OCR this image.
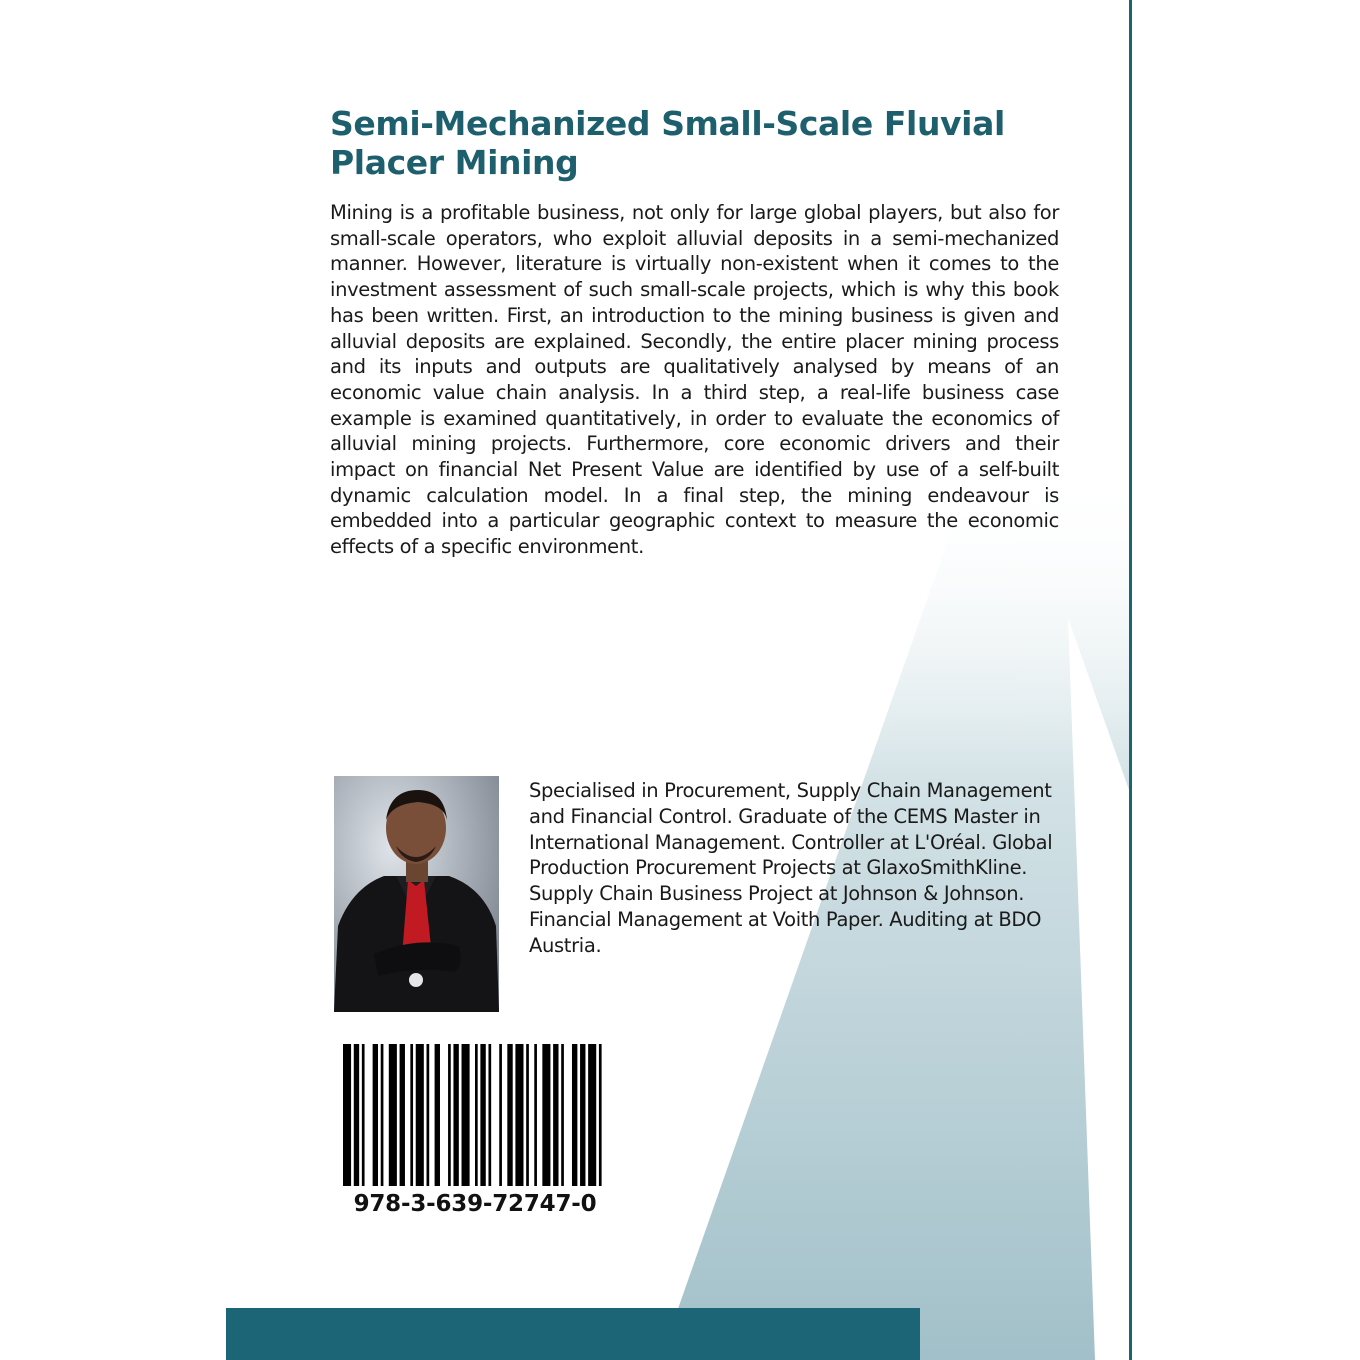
Semi-Mechanized Small-Scale Fluvial Placer Mining

Mining is a profitable business, not only for large global players, but also for small-scale operators, who exploit alluvial deposits in a semi-mechanized manner. However, literature is virtually non-existent when it comes to the investment assessment of such small-scale projects, which is why this book has been written. First, an introduction to the mining business is given and alluvial deposits are explained. Secondly, the entire placer mining process and its inputs and outputs are qualitatively analysed by means of an economic value chain analysis. In a third step, a real-life business case example is examined quantitatively, in order to evaluate the economics of alluvial mining projects. Furthermore, core economic drivers and their impact on financial Net Present Value are identified by use of a self-built dynamic calculation model. In a final step, the mining endeavour is embedded into a particular geographic context to measure the economic effects of a specific environment.

Specialised in Procurement, Supply Chain Management and Financial Control. Graduate of the CEMS Master in International Management. Controller at L'Oréal. Global Production Procurement Projects at GlaxoSmithKline. Supply Chain Business Project at Johnson & Johnson. Financial Management at Voith Paper. Auditing at BDO Austria.

978-3-639-72747-0
